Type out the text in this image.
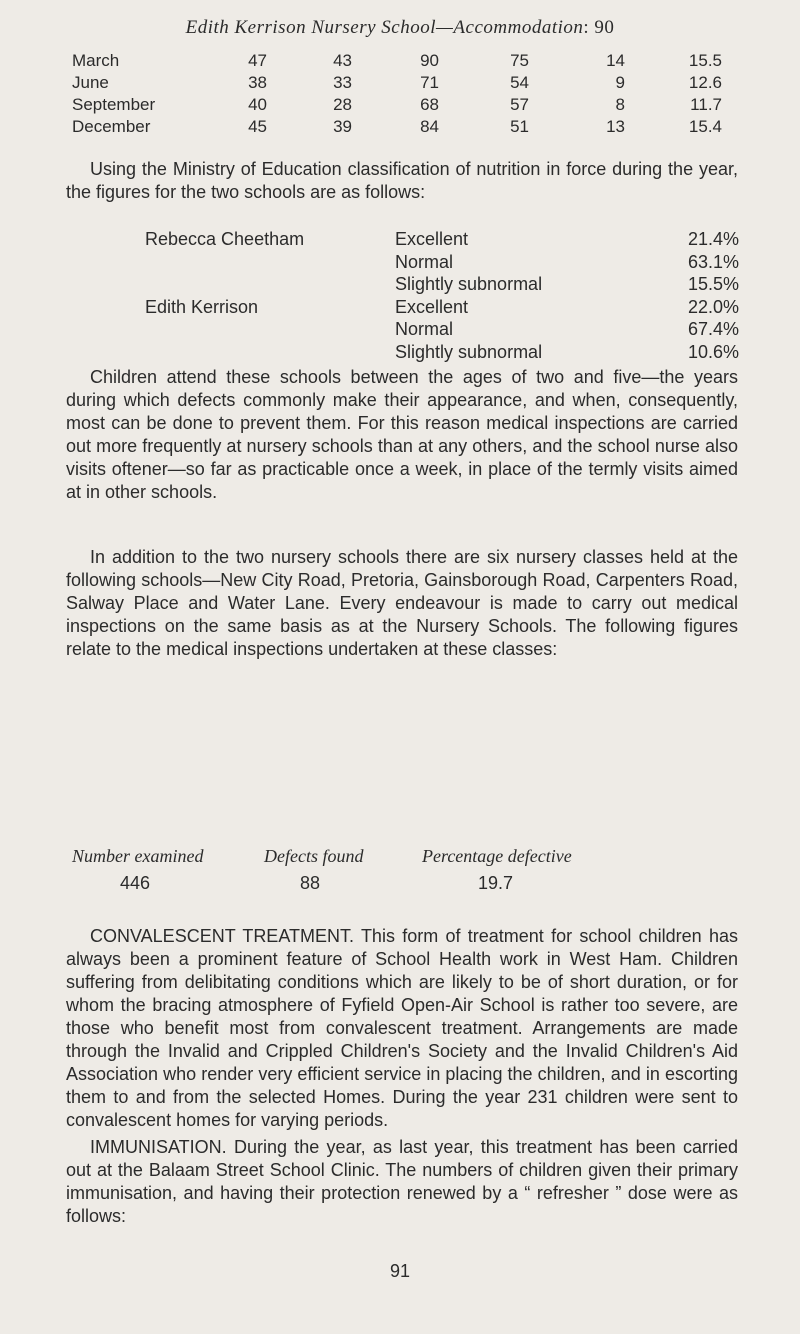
Edith Kerrison Nursery School—Accommodation: 90
March	47	43	90	75	14	15.5	
June	38	33	71	54	9	12.6	
September	40	28	68	57	8	11.7	
December	45	39	84	51	13	15.4	

Using the Ministry of Education classification of nutrition in force during the year, the figures for the two schools are as follows:

Rebecca Cheetham	Excellent	21.4%
	Normal	63.1%
	Slightly subnormal	15.5%
Edith Kerrison	Excellent	22.0%
	Normal	67.4%
	Slightly subnormal	10.6%

Children attend these schools between the ages of two and five—the years during which defects commonly make their appearance, and when, consequently, most can be done to prevent them. For this reason medical inspections are carried out more frequently at nursery schools than at any others, and the school nurse also visits oftener—so far as practicable once a week, in place of the termly visits aimed at in other schools.

In addition to the two nursery schools there are six nursery classes held at the following schools—New City Road, Pretoria, Gainsborough Road, Carpenters Road, Salway Place and Water Lane. Every endeavour is made to carry out medical inspections on the same basis as at the Nursery Schools. The following figures relate to the medical inspections undertaken at these classes:

Number examined	Defects found	Percentage defective
446	88	19.7

CONVALESCENT TREATMENT. This form of treatment for school children has always been a prominent feature of School Health work in West Ham. Children suffering from delibitating conditions which are likely to be of short duration, or for whom the bracing atmosphere of Fyfield Open-Air School is rather too severe, are those who benefit most from convalescent treatment. Arrangements are made through the Invalid and Crippled Children's Society and the Invalid Children's Aid Association who render very efficient service in placing the children, and in escorting them to and from the selected Homes. During the year 231 children were sent to convalescent homes for varying periods.

IMMUNISATION. During the year, as last year, this treatment has been carried out at the Balaam Street School Clinic. The numbers of children given their primary immunisation, and having their protection renewed by a “ refresher ” dose were as follows:

91
